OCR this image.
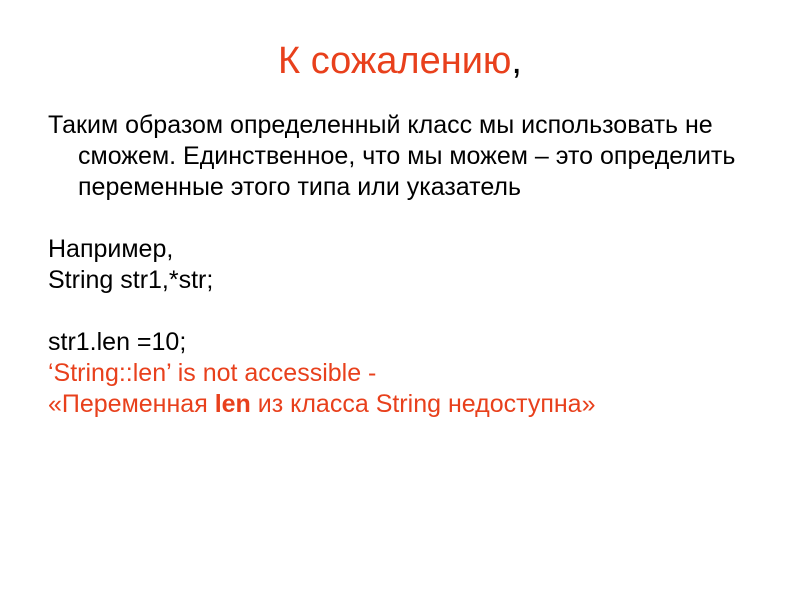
К сожалению,

Таким образом определенный класс мы использовать не сможем. Единственное, что мы можем – это определить переменные этого типа или указатель

Например,

String str1,*str;

str1.len =10;

‘String::len’ is not accessible -

«Переменная len из класса String недоступна»
